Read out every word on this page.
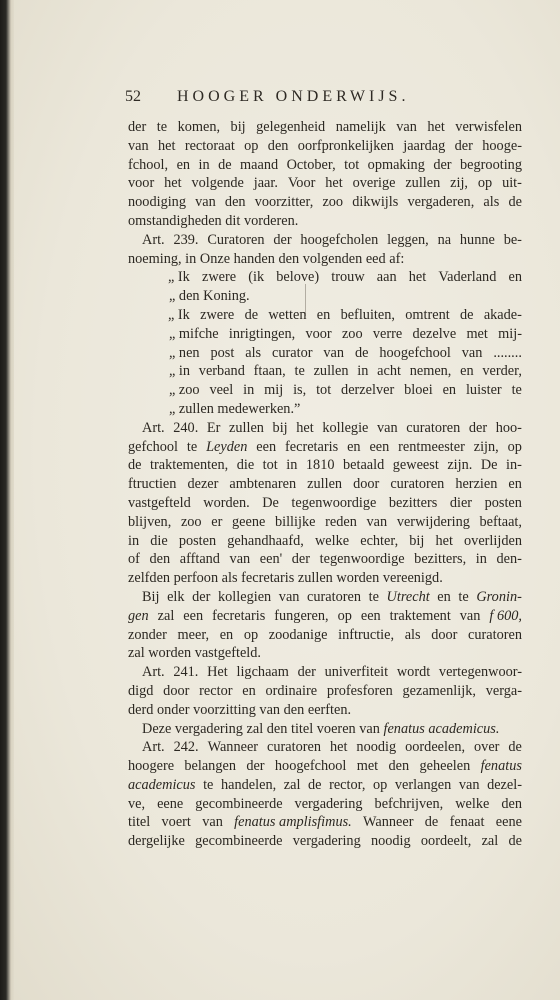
52 HOOGER ONDERWIJS.
der te komen, bij gelegenheid namelijk van het verwisfelen
van het rectoraat op den oorfpronkelijken jaardag der hooge-
fchool, en in de maand October, tot opmaking der begrooting
voor het volgende jaar. Voor het overige zullen zij, op uit-
noodiging van den voorzitter, zoo dikwijls vergaderen, als de
omstandigheden dit vorderen.
Art. 239. Curatoren der hoogefcholen leggen, na hunne be-
noeming, in Onze handen den volgenden eed af:
„ Ik zwere (ik belove) trouw aan het Vaderland en
„ den Koning.
„ Ik zwere de wetten en befluiten, omtrent de akade-
„ mifche inrigtingen, voor zoo verre dezelve met mij-
„ nen post als curator van de hoogefchool van ........
„ in verband ftaan, te zullen in acht nemen, en verder,
„ zoo veel in mij is, tot derzelver bloei en luister te
„ zullen medewerken.”
Art. 240. Er zullen bij het kollegie van curatoren der hoo-
gefchool te Leyden een fecretaris en een rentmeester zijn, op
de traktementen, die tot in 1810 betaald geweest zijn. De in-
ftructien dezer ambtenaren zullen door curatoren herzien en
vastgefteld worden. De tegenwoordige bezitters dier posten
blijven, zoo er geene billijke reden van verwijdering beftaat,
in die posten gehandhaafd, welke echter, bij het overlijden
of den afftand van een' der tegenwoordige bezitters, in den-
zelfden perfoon als fecretaris zullen worden vereenigd.
Bij elk der kollegien van curatoren te Utrecht en te Gronin-
gen zal een fecretaris fungeren, op een traktement van f 600,
zonder meer, en op zoodanige inftructie, als door curatoren
zal worden vastgefteld.
Art. 241. Het ligchaam der univerfiteit wordt vertegenwoor-
digd door rector en ordinaire profesforen gezamenlijk, verga-
derd onder voorzitting van den eerften.
Deze vergadering zal den titel voeren van fenatus academicus.
Art. 242. Wanneer curatoren het noodig oordeelen, over de
hoogere belangen der hoogefchool met den geheelen fenatus
academicus te handelen, zal de rector, op verlangen van dezel-
ve, eene gecombineerde vergadering befchrijven, welke den
titel voert van fenatus amplisfimus. Wanneer de fenaat eene
dergelijke gecombineerde vergadering noodig oordeelt, zal de
